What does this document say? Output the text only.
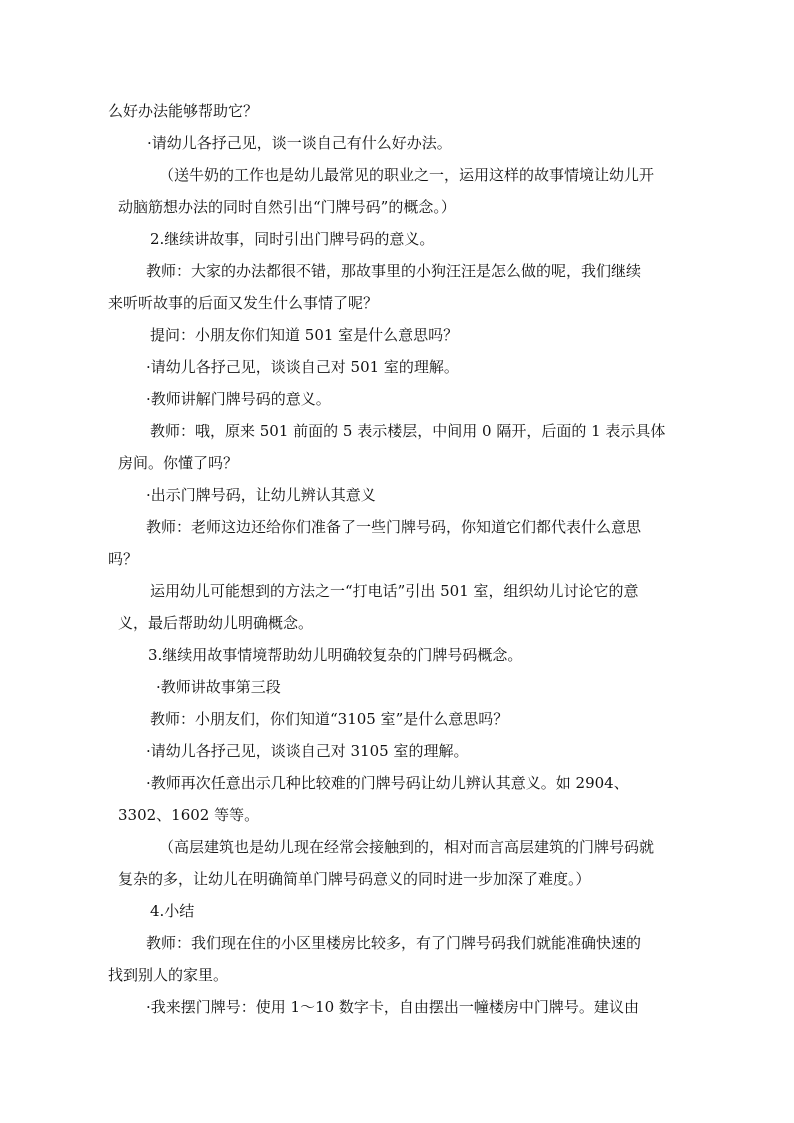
么好办法能够帮助它？
·请幼儿各抒己见，谈一谈自己有什么好办法。
（送牛奶的工作也是幼儿最常见的职业之一，运用这样的故事情境让幼儿开
动脑筋想办法的同时自然引出“门牌号码”的概念。）
2.继续讲故事，同时引出门牌号码的意义。
教师：大家的办法都很不错，那故事里的小狗汪汪是怎么做的呢，我们继续
来听听故事的后面又发生什么事情了呢？
提问：小朋友你们知道 501 室是什么意思吗？
·请幼儿各抒己见，谈谈自己对 501 室的理解。
·教师讲解门牌号码的意义。
教师：哦，原来 501 前面的 5 表示楼层，中间用 0 隔开，后面的 1 表示具体
房间。你懂了吗？
·出示门牌号码，让幼儿辨认其意义
教师：老师这边还给你们准备了一些门牌号码，你知道它们都代表什么意思
吗？
运用幼儿可能想到的方法之一“打电话”引出 501 室，组织幼儿讨论它的意
义，最后帮助幼儿明确概念。
3.继续用故事情境帮助幼儿明确较复杂的门牌号码概念。
·教师讲故事第三段
教师：小朋友们，你们知道“3105 室”是什么意思吗？
·请幼儿各抒己见，谈谈自己对 3105 室的理解。
·教师再次任意出示几种比较难的门牌号码让幼儿辨认其意义。如 2904、
3302、1602 等等。
（高层建筑也是幼儿现在经常会接触到的，相对而言高层建筑的门牌号码就
复杂的多，让幼儿在明确简单门牌号码意义的同时进一步加深了难度。）
4.小结
教师：我们现在住的小区里楼房比较多，有了门牌号码我们就能准确快速的
找到别人的家里。
·我来摆门牌号：使用 1～10 数字卡，自由摆出一幢楼房中门牌号。建议由
